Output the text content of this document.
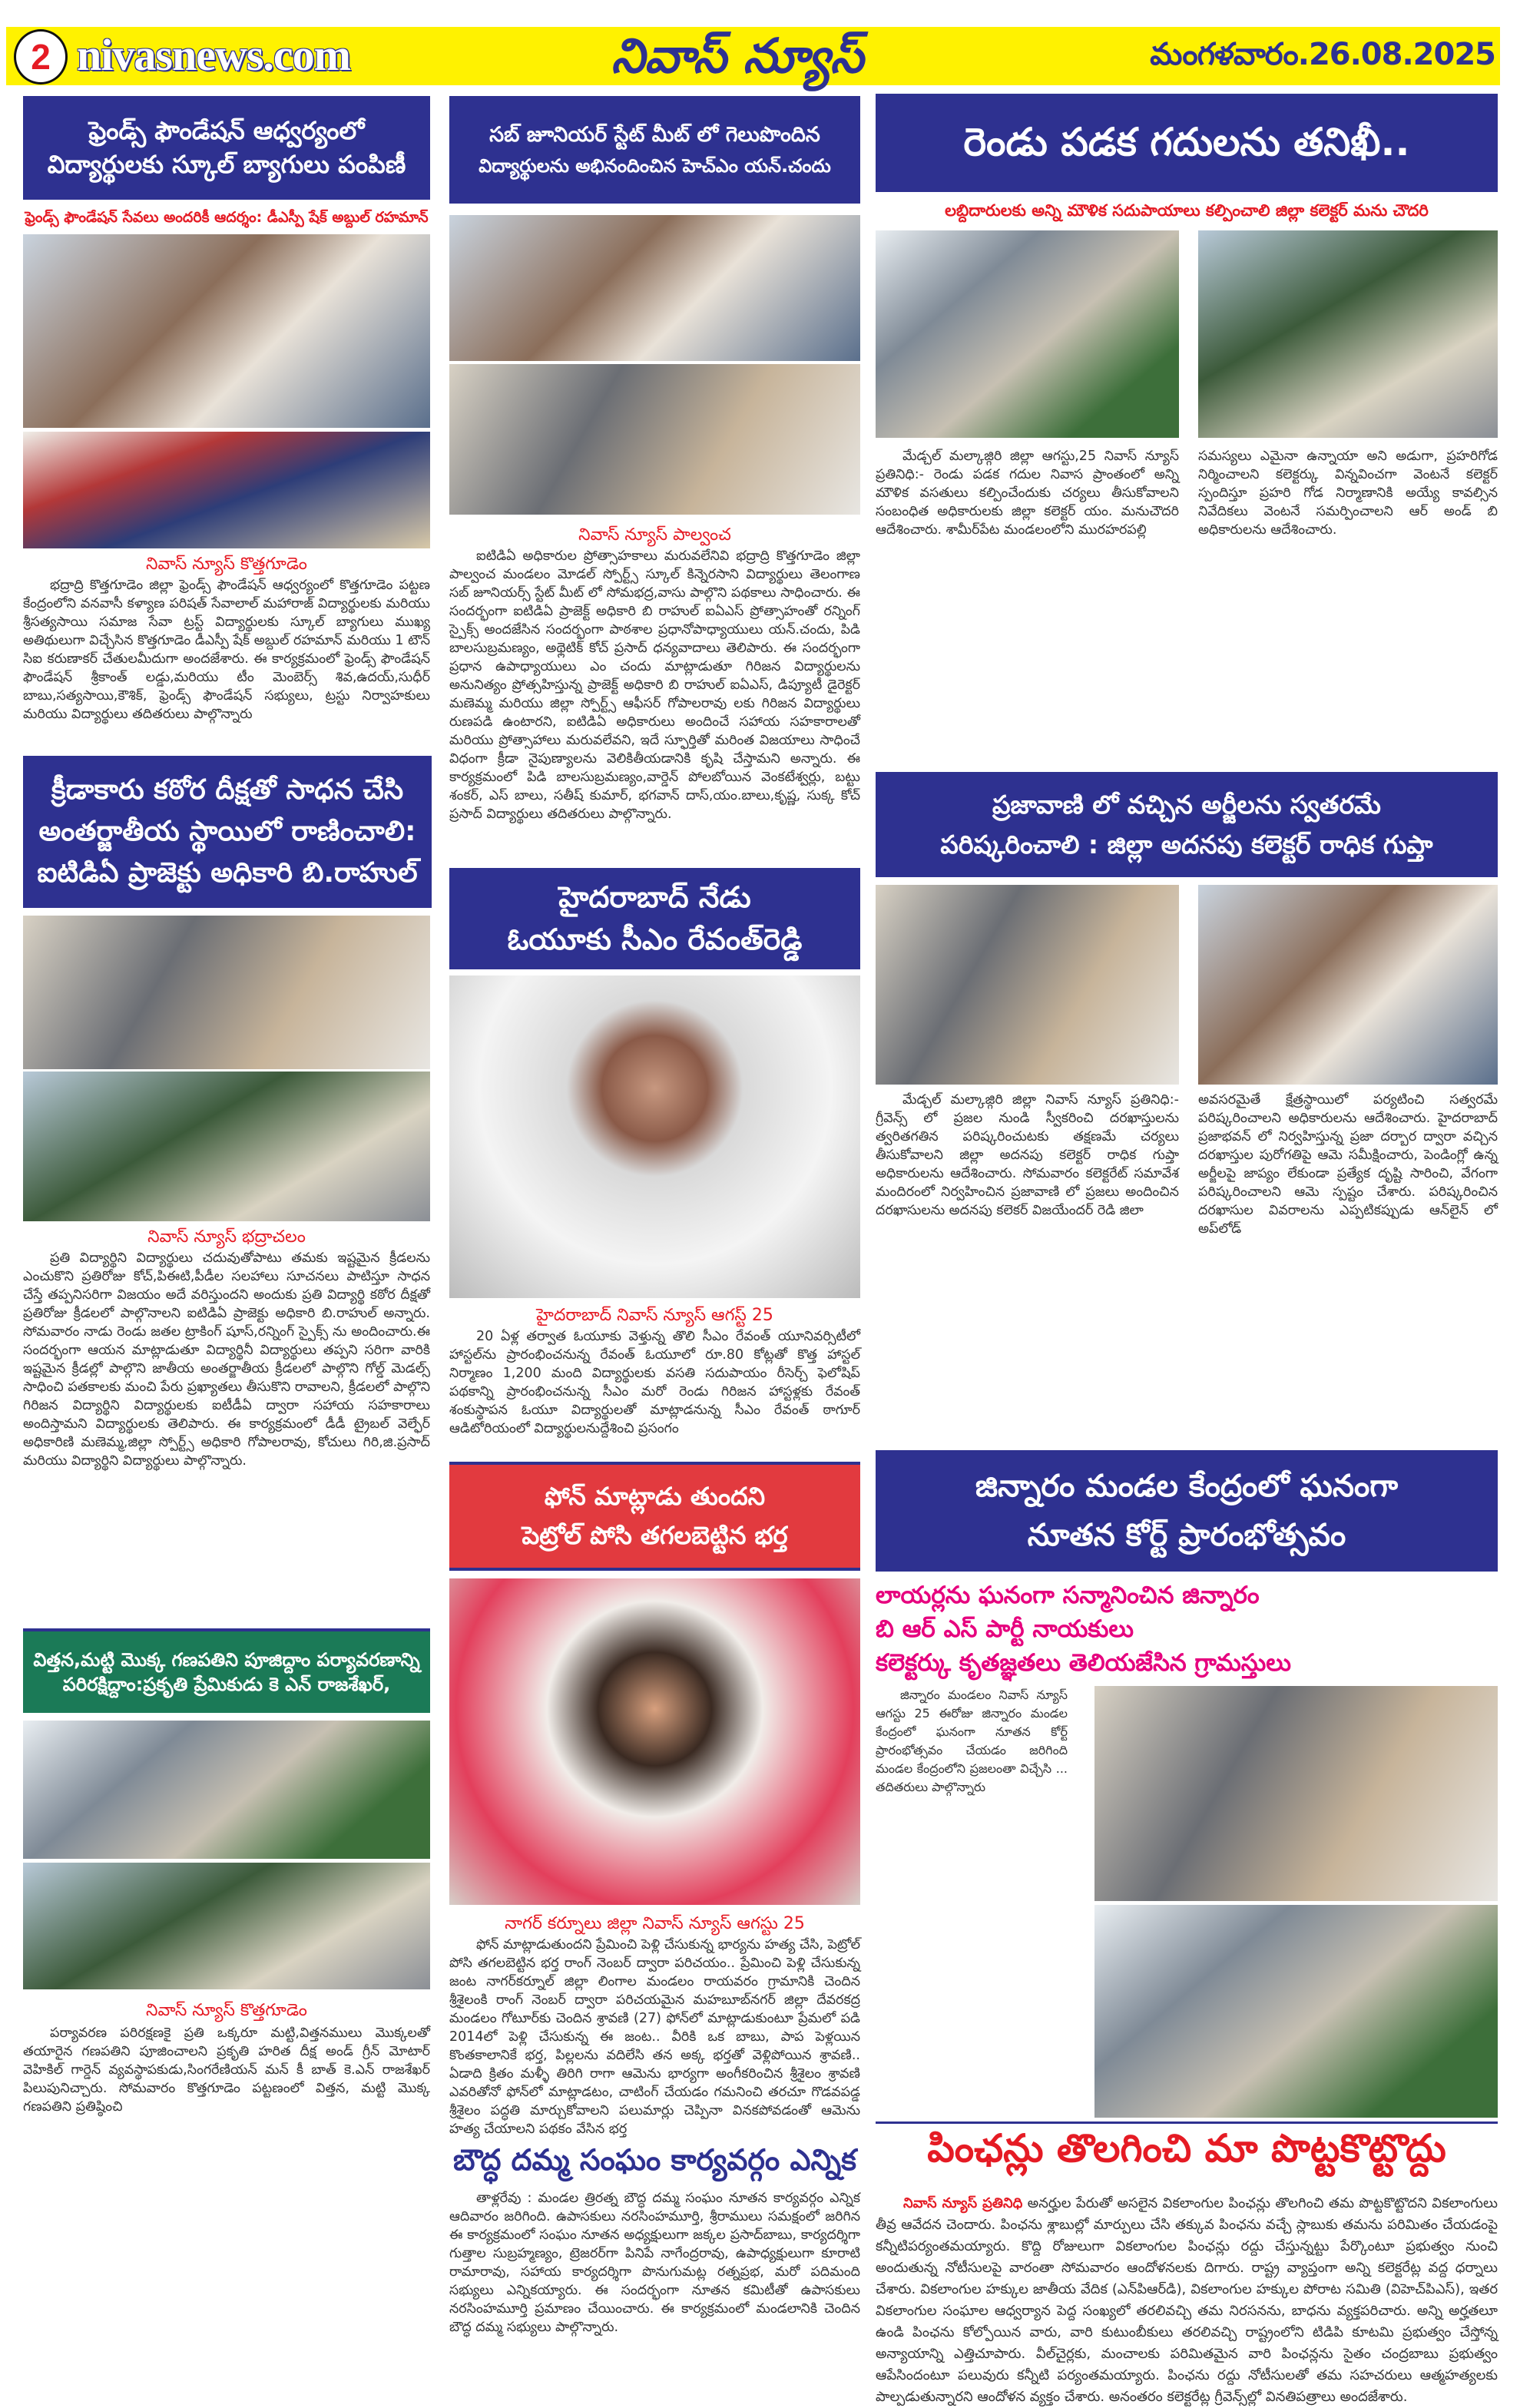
2 nivasnews.com	నివాస్ న్యూస్	మంగళవారం.26.08.2025
ఫ్రెండ్స్ ఫౌండేషన్ ఆధ్వర్యంలో
విద్యార్థులకు స్కూల్ బ్యాగులు పంపిణీ
ఫ్రెండ్స్ ఫౌండేషన్ సేవలు అందరికీ ఆదర్శం: డీఎస్పీ షేక్ అబ్దుల్ రహమాన్
నివాస్ న్యూస్ కొత్తగూడెం
భద్రాద్రి కొత్తగూడెం జిల్లా ఫ్రెండ్స్ ఫౌండేషన్ ఆధ్వర్యంలో కొత్తగూడెం పట్టణ కేంద్రంలోని వనవాసీ కళ్యాణ పరిషత్ సేవాలాల్ మహారాజ్ విద్యార్థులకు మరియు శ్రీసత్యసాయి సమాజ సేవా ట్రస్ట్ విద్యార్థులకు స్కూల్ బ్యాగులు ముఖ్య అతిథులుగా విచ్చేసిన కొత్తగూడెం డీఎస్పీ షేక్ అబ్దుల్ రహమాన్ మరియు 1 టౌన్ సిఐ కరుణాకర్ చేతులమీదుగా అందజేశారు. ఈ కార్యక్రమంలో ఫ్రెండ్స్ ఫౌండేషన్ ఫౌండేషన్ శ్రీకాంత్ లడ్డు,మరియు టీం మెంబెర్స్ శివ,ఉదయ్,సుధీర్ బాబు,సత్యసాయి,కౌశిక్, ఫ్రెండ్స్ ఫౌండేషన్ సభ్యులు, ట్రస్టు నిర్వాహకులు మరియు విద్యార్థులు తదితరులు పాల్గొన్నారు
క్రీడాకారు కఠోర దీక్షతో సాధన చేసి
అంతర్జాతీయ స్థాయిలో రాణించాలి:
ఐటిడిఏ ప్రాజెక్టు అధికారి బి.రాహుల్
నివాస్ న్యూస్ భద్రాచలం
ప్రతి విద్యార్థిని విద్యార్థులు చదువుతోపాటు తమకు ఇష్టమైన క్రీడలను ఎంచుకొని ప్రతిరోజు కోచ్,పిఈటి,పీడీల సలహాలు సూచనలు పాటిస్తూ సాధన చేస్తే తప్పనిసరిగా విజయం అదే వరిస్తుందని అందుకు ప్రతి విద్యార్థి కఠోర దీక్షతో ప్రతిరోజు క్రీడలలో పాల్గొనాలని ఐటిడిఏ ప్రాజెక్టు అధికారి బి.రాహుల్ అన్నారు. సోమవారం నాడు రెండు జతల ట్రాకింగ్ షూస్,రన్నింగ్ స్పైక్స్ ను అందించారు.ఈ సందర్భంగా ఆయన మాట్లాడుతూ విద్యార్థినీ విద్యార్థులు తప్పని సరిగా వారికి ఇష్టమైన క్రీడల్లో పాల్గొని జాతీయ అంతర్జాతీయ క్రీడలలో పాల్గొని గోల్డ్ మెడల్స్ సాధించి పతకాలకు మంచి పేరు ప్రఖ్యాతలు తీసుకొని రావాలని, క్రీడలలో పాల్గొని గిరిజన విద్యార్థిని విద్యార్థులకు ఐటీడీఏ ద్వారా సహాయ సహకారాలు అందిస్తామని విద్యార్థులకు తెలిపారు. ఈ కార్యక్రమంలో డీడీ ట్రైబల్ వెల్ఫేర్ అధికారిణి మణెమ్మ,జిల్లా స్పోర్ట్స్ అధికారి గోపాలరావు, కోచులు గిరి,జి.ప్రసాద్ మరియు విద్యార్థిని విద్యార్థులు పాల్గొన్నారు.
విత్తన,మట్టి మొక్క గణపతిని పూజిద్దాం పర్యావరణాన్ని
పరిరక్షిద్దాం:ప్రకృతి ప్రేమికుడు కె ఎన్ రాజశేఖర్,
నివాస్ న్యూస్ కొత్తగూడెం
పర్యావరణ పరిరక్షణకై ప్రతి ఒక్కరూ మట్టి,విత్తనములు మొక్కలతో తయారైన గణపతిని పూజించాలని ప్రకృతి హరిత దీక్ష అండ్ గ్రీన్ మోటార్ వెహికిల్ గార్డెన్ వ్యవస్థాపకుడు,సింగరేణియన్ మన్ కీ బాత్ కె.ఎన్ రాజశేఖర్ పిలుపునిచ్చారు. సోమవారం కొత్తగూడెం పట్టణంలో విత్తన, మట్టి మొక్క గణపతిని ప్రతిష్ఠించి
సబ్ జూనియర్ స్టేట్ మీట్ లో గెలుపొందిన
విద్యార్థులను అభినందించిన హెచ్ఎం యన్.చందు
నివాస్ న్యూస్ పాల్వంచ
ఐటిడిఏ అధికారుల ప్రోత్సాహకాలు మరువలేనివి భద్రాద్రి కొత్తగూడెం జిల్లా పాల్వంచ మండలం మోడల్ స్పోర్ట్స్ స్కూల్ కిన్నెరసాని విద్యార్థులు తెలంగాణ సబ్ జూనియర్స్ స్టేట్ మీట్ లో సోమభద్ర,వాసు పాల్గొని పథకాలు సాధించారు. ఈ సందర్భంగా ఐటిడిఏ ప్రాజెక్ట్ అధికారి బి రాహుల్ ఐఏఎస్ ప్రోత్సాహంతో రన్నింగ్ స్పైక్స్ అందజేసిన సందర్భంగా పాఠశాల ప్రధానోపాధ్యాయులు యన్.చందు, పిడి బాలసుబ్రమణ్యం, అథ్లెటిక్ కోచ్ ప్రసాద్ ధన్యవాదాలు తెలిపారు. ఈ సందర్భంగా ప్రధాన ఉపాధ్యాయులు ఎం చందు మాట్లాడుతూ గిరిజన విద్యార్థులను అనునిత్యం ప్రోత్సహిస్తున్న ప్రాజెక్ట్ అధికారి బి రాహుల్ ఐఏఎస్, డిప్యూటీ డైరెక్టర్ మణెమ్మ మరియు జిల్లా స్పోర్ట్స్ ఆఫీసర్ గోపాలరావు లకు గిరిజన విద్యార్థులు రుణపడి ఉంటారని, ఐటిడిఏ అధికారులు అందించే సహాయ సహకారాలతో మరియు ప్రోత్సాహాలు మరువలేవని, ఇదే స్ఫూర్తితో మరింత విజయాలు సాధించే విధంగా క్రీడా నైపుణ్యాలను వెలికితీయడానికి కృషి చేస్తామని అన్నారు. ఈ కార్యక్రమంలో పిడి బాలసుబ్రమణ్యం,వార్డెన్ పోలబోయిన వెంకటేశ్వర్లు, బట్టు శంకర్, ఎస్ బాలు, సతీష్ కుమార్, భగవాన్ దాస్,యం.బాలు,కృష్ణ, సుక్క కోచ్ ప్రసాద్ విద్యార్థులు తదితరులు పాల్గొన్నారు.
హైదరాబాద్ నేడు
ఓయూకు సీఎం రేవంత్‌రెడ్డి
హైదరాబాద్ నివాస్ న్యూస్ ఆగస్ట్ 25
20 ఏళ్ల తర్వాత ఓయూకు వెళ్తున్న తొలి సీఎం రేవంత్ యూనివర్సిటీలో హాస్టల్‌ను ప్రారంభించనున్న రేవంత్ ఓయూలో రూ.80 కోట్లతో కొత్త హాస్టల్ నిర్మాణం 1,200 మంది విద్యార్థులకు వసతి సదుపాయం రీసెర్చ్ ఫెలోషిప్ పథకాన్ని ప్రారంభించనున్న సీఎం మరో రెండు గిరిజన హాస్టళ్లకు రేవంత్ శంకుస్థాపన ఓయూ విద్యార్థులతో మాట్లాడనున్న సీఎం రేవంత్ ఠాగూర్ ఆడిటోరియంలో విద్యార్థులనుద్దేశించి ప్రసంగం
ఫోన్ మాట్లాడు తుందని
పెట్రోల్ పోసి తగలబెట్టిన భర్త
నాగర్ కర్నూలు జిల్లా నివాస్ న్యూస్ ఆగస్టు 25
ఫోన్ మాట్లాడుతుందని ప్రేమించి పెళ్లి చేసుకున్న భార్యను హత్య చేసి, పెట్రోల్ పోసి తగలబెట్టిన భర్త రాంగ్ నెంబర్ ద్వారా పరిచయం.. ప్రేమించి పెళ్లి చేసుకున్న జంట నాగర్‌కర్నూల్ జిల్లా లింగాల మండలం రాయవరం గ్రామానికి చెందిన శ్రీశైలంకి రాంగ్ నెంబర్ ద్వారా పరిచయమైన మహబూబ్‌నగర్ జిల్లా దేవరకద్ర మండలం గోటూర్‌కు చెందిన శ్రావణి (27) ఫోన్‌లో మాట్లాడుకుంటూ ప్రేమలో పడి 2014లో పెళ్లి చేసుకున్న ఈ జంట.. వీరికి ఒక బాబు, పాప పెళ్లయిన కొంతకాలానికే భర్త, పిల్లలను వదిలేసి తన అక్క భర్తతో వెళ్లిపోయిన శ్రావణి.. ఏడాది క్రితం మళ్ళీ తిరిగి రాగా ఆమెను భార్యగా అంగీకరించిన శ్రీశైలం శ్రావణి ఎవరితోనో ఫోన్‌లో మాట్లాడటం, చాటింగ్ చేయడం గమనించి తరచూ గొడవపడ్డ శ్రీశైలం పద్ధతి మార్చుకోవాలని పలుమార్లు చెప్పినా వినకపోవడంతో ఆమెను హత్య చేయాలని పథకం వేసిన భర్త
బౌద్ధ దమ్మ సంఘం కార్యవర్గం ఎన్నిక
తాళ్లరేవు : మండల త్రిరత్న బౌద్ధ దమ్మ సంఘం నూతన కార్యవర్గం ఎన్నిక ఆదివారం జరిగింది. ఉపాసకులు నరసింహమూర్తి, శ్రీరాములు సమక్షంలో జరిగిన ఈ కార్యక్రమంలో సంఘం నూతన అధ్యక్షులుగా జక్కల ప్రసాద్‌బాబు, కార్యదర్శిగా గుత్తాల సుబ్రహ్మణ్యం, ట్రెజరర్‌గా పినిపే నాగేంద్రరావు, ఉపాధ్యక్షులుగా కూరాటి రామారావు, సహాయ కార్యదర్శిగా పొనుగుమట్ల రత్నప్రభ, మరో పదిమంది సభ్యులు ఎన్నికయ్యారు. ఈ సందర్భంగా నూతన కమిటీతో ఉపాసకులు నరసింహమూర్తి ప్రమాణం చేయించారు. ఈ కార్యక్రమంలో మండలానికి చెందిన బౌద్ధ దమ్మ సభ్యులు పాల్గొన్నారు.
రెండు పడక గదులను తనిఖీ..
లబ్దిదారులకు అన్ని మౌళిక సదుపాయాలు కల్పించాలి జిల్లా కలెక్టర్ మను చౌదరి
మేడ్చల్ మల్కాజ్గిరి జిల్లా ఆగస్టు,25 నివాస్ న్యూస్ ప్రతినిధి:- రెండు పడక గదుల నివాస ప్రాంతంలో అన్ని మౌళిక వసతులు కల్పించేందుకు చర్యలు తీసుకోవాలని సంబంధిత అధికారులకు జిల్లా కలెక్టర్ యం. మనుచౌదరి ఆదేశించారు. శామీర్‌పేట మండలంలోని మురహరపల్లి
సమస్యలు ఎమైనా ఉన్నాయా అని అడుగా, ప్రహరిగోడ నిర్మించాలని కలెక్టర్కు విన్నవించగా వెంటనే కలెక్టర్ స్పందిస్తూ ప్రహరి గోడ నిర్మాణానికి అయ్యే కావల్సిన నివేదికలు వెంటనే సమర్పించాలని ఆర్ అండ్ బి అధికారులను ఆదేశించారు.
ప్రజావాణి లో వచ్చిన అర్జీలను స్వతరమే
పరిష్కరించాలి : జిల్లా అదనపు కలెక్టర్ రాధిక గుప్తా
మేడ్చల్ మల్కాజ్గిరి జిల్లా నివాస్ న్యూస్ ప్రతినిధి:- గ్రీవెన్స్ లో ప్రజల నుండి స్వీకరించి దరఖాస్తులను త్వరితగతిన పరిష్కరించుటకు తక్షణమే చర్యలు తీసుకోవాలని జిల్లా అదనపు కలెక్టర్ రాధిక గుప్తా అధికారులను ఆదేశించారు. సోమవారం కలెక్టరేట్ సమావేశ మందిరంలో నిర్వహించిన ప్రజావాణి లో ప్రజలు అందించిన దరఖాసులను అదనపు కలెకర్ విజయేందర్ రెడి జిలా
అవసరమైతే క్షేత్రస్థాయిలో పర్యటించి సత్వరమే పరిష్కరించాలని అధికారులను ఆదేశించారు. హైదరాబాద్ ప్రజాభవన్ లో నిర్వహిస్తున్న ప్రజా దర్బార ద్వారా వచ్చిన దరఖాస్తుల పురోగతిపై ఆమె సమీక్షించారు, పెండింగ్లో ఉన్న అర్జీలపై జాప్యం లేకుండా ప్రత్యేక దృష్టి సారించి, వేగంగా పరిష్కరించాలని ఆమె స్పష్టం చేశారు. పరిష్కరించిన దరఖాసుల వివరాలను ఎప్పటికప్పుడు ఆన్‌లైన్ లో అప్‌లోడ్
జిన్నారం మండల కేంద్రంలో ఘనంగా
నూతన కోర్ట్ ప్రారంభోత్సవం
లాయర్లను ఘనంగా సన్మానించిన జిన్నారం
బి ఆర్ ఎస్ పార్టీ నాయకులు
కలెక్టర్కు కృతజ్ఞతలు తెలియజేసిన గ్రామస్తులు
జిన్నారం మండలం నివాస్ న్యూస్ ఆగస్టు 25 ఈరోజు జిన్నారం మండల కేంద్రంలో ఘనంగా నూతన కోర్ట్ ప్రారంభోత్సవం చేయడం జరిగింది మండల కేంద్రంలోని ప్రజలంతా విచ్చేసి ... తదితరులు పాల్గొన్నారు
పింఛన్లు తొలగించి మా పొట్టకొట్టొద్దు
నివాస్ న్యూస్ ప్రతినిధి అనర్హుల పేరుతో అసలైన వికలాంగుల పింఛన్లు తొలగించి తమ పొట్టకొట్టొదని వికలాంగులు తీవ్ర ఆవేదన చెందారు. పింఛను శ్లాబుల్లో మార్పులు చేసి తక్కువ పింఛను వచ్చే స్లాబుకు తమను పరిమితం చేయడంపై కన్నీటిపర్యంతమయ్యారు. కొద్ది రోజులుగా వికలాంగుల పింఛన్లు రద్దు చేస్తున్నట్టు పేర్కొంటూ ప్రభుత్వం నుంచి అందుతున్న నోటీసులపై వారంతా సోమవారం ఆందోళనలకు దిగారు. రాష్ట్ర వ్యాప్తంగా అన్ని కలెక్టరేట్ల వద్ద ధర్నాలు చేశారు. వికలాంగుల హక్కుల జాతీయ వేదిక (ఎన్‌పిఆర్‌డి), వికలాంగుల హక్కుల పోరాట సమితి (విహెచ్‌పిఎస్), ఇతర వికలాంగుల సంఘాల ఆధ్వర్యాన పెద్ద సంఖ్యలో తరలివచ్చి తమ నిరసనను, బాధను వ్యక్తపరిచారు. అన్ని అర్హతలూ ఉండి పింఛను కోల్పోయిన వారు, వారి కుటుంబీకులు తరలివచ్చి రాష్ట్రంలోని టిడిపి కూటమి ప్రభుత్వం చేస్తోన్న అన్యాయాన్ని ఎత్తిచూపారు. వీల్‌చైర్లకు, మంచాలకు పరిమితమైన వారి పింఛన్లను సైతం చంద్రబాబు ప్రభుత్వం ఆపేసిందంటూ పలువురు కన్నీటి పర్యంతమయ్యారు. పింఛను రద్దు నోటీసులతో తమ సహచరులు ఆత్మహత్యలకు పాల్పడుతున్నారని ఆందోళన వ్యక్తం చేశారు. అనంతరం కలెక్టరేట్ల గ్రీవెన్స్‌ల్లో వినతిపత్రాలు అందజేశారు.
